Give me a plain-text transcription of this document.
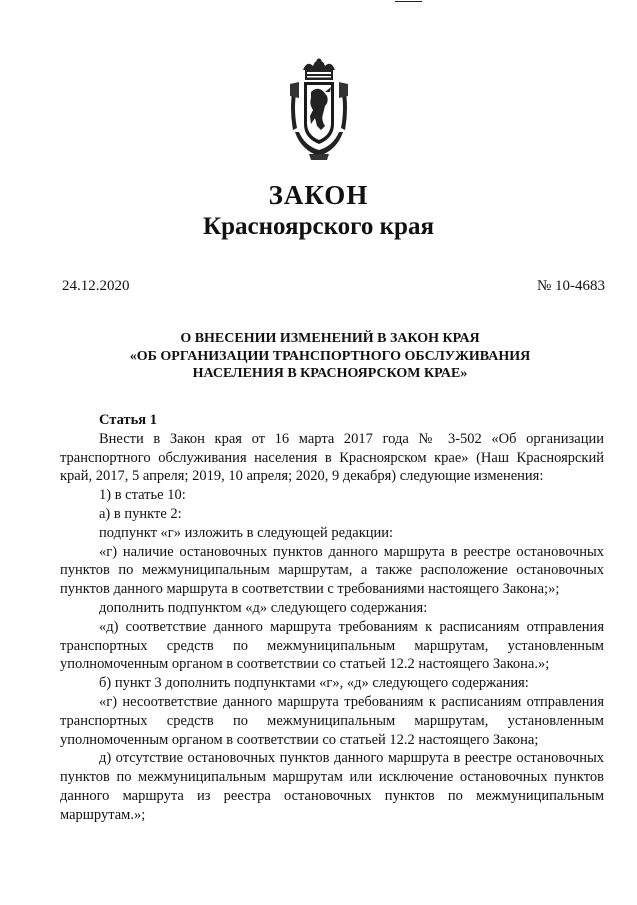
ЗАКОН
Красноярского края
24.12.2020	№ 10-4683
О ВНЕСЕНИИ ИЗМЕНЕНИЙ В ЗАКОН КРАЯ
«ОБ ОРГАНИЗАЦИИ ТРАНСПОРТНОГО ОБСЛУЖИВАНИЯ
НАСЕЛЕНИЯ В КРАСНОЯРСКОМ КРАЕ»
Статья 1
Внести в Закон края от 16 марта 2017 года № 3-502 «Об организации транспортного обслуживания населения в Красноярском крае» (Наш Красноярский край, 2017, 5 апреля; 2019, 10 апреля; 2020, 9 декабря) следующие изменения:
1) в статье 10:
а) в пункте 2:
подпункт «г» изложить в следующей редакции:
«г) наличие остановочных пунктов данного маршрута в реестре остановочных пунктов по межмуниципальным маршрутам, а также расположение остановочных пунктов данного маршрута в соответствии с требованиями настоящего Закона;»;
дополнить подпунктом «д» следующего содержания:
«д) соответствие данного маршрута требованиям к расписаниям отправления транспортных средств по межмуниципальным маршрутам, установленным уполномоченным органом в соответствии со статьей 12.2 настоящего Закона.»;
б) пункт 3 дополнить подпунктами «г», «д» следующего содержания:
«г) несоответствие данного маршрута требованиям к расписаниям отправления транспортных средств по межмуниципальным маршрутам, установленным уполномоченным органом в соответствии со статьей 12.2 настоящего Закона;
д) отсутствие остановочных пунктов данного маршрута в реестре остановочных пунктов по межмуниципальным маршрутам или исключение остановочных пунктов данного маршрута из реестра остановочных пунктов по межмуниципальным маршрутам.»;
